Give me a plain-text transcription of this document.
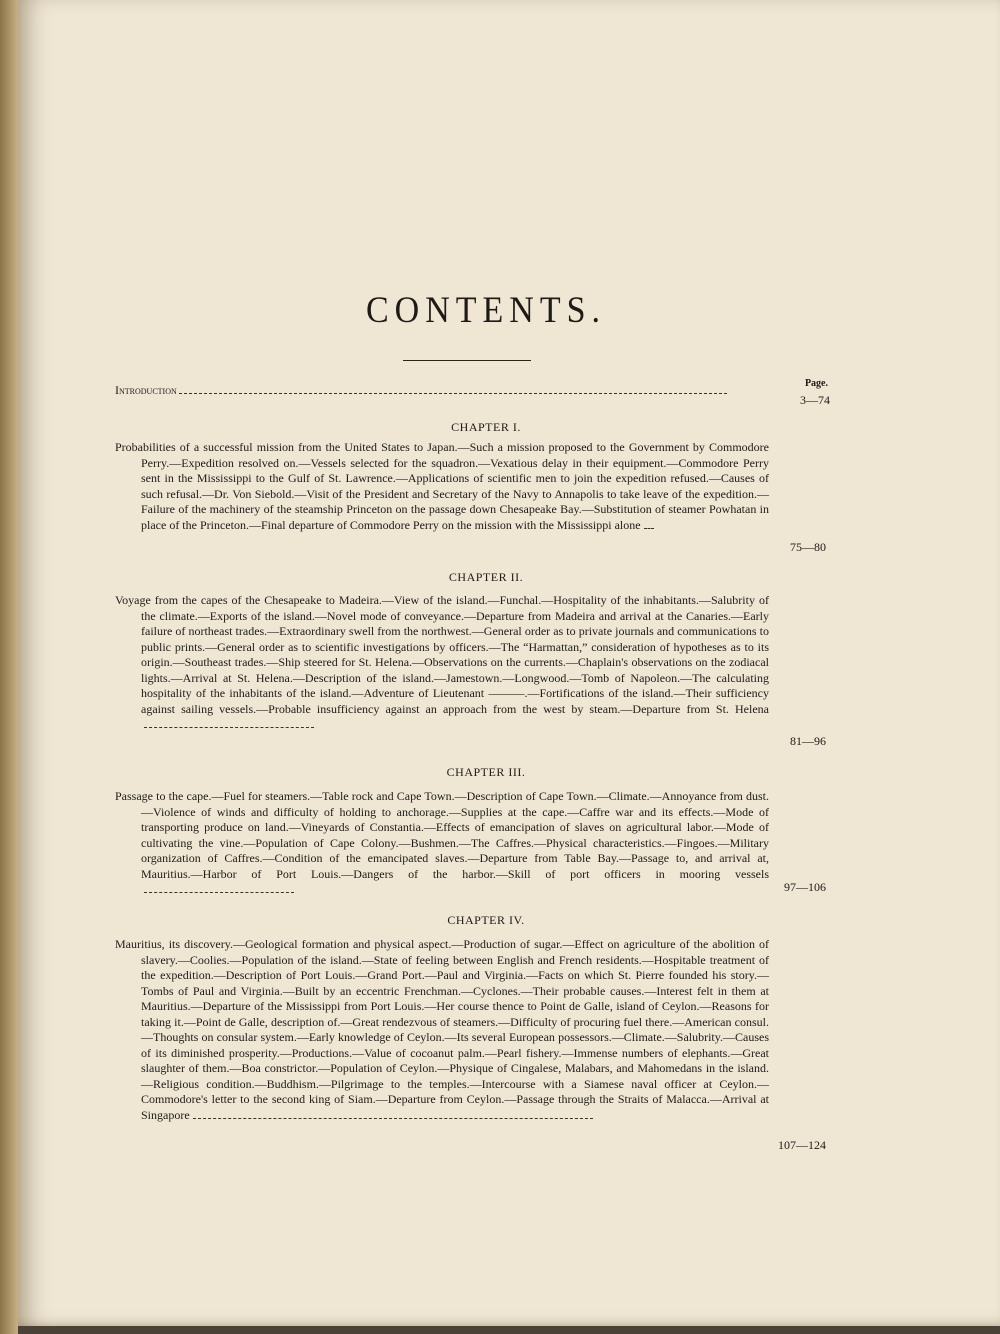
CONTENTS.
Page.
Introduction
3—74
CHAPTER I.
Probabilities of a successful mission from the United States to Japan.—Such a mission proposed to the Government by Commodore Perry.—Expedition resolved on.—Vessels selected for the squadron.—Vexatious delay in their equipment.—Commodore Perry sent in the Mississippi to the Gulf of St. Lawrence.—Applications of scientific men to join the expedition refused.—Causes of such refusal.—Dr. Von Siebold.—Visit of the President and Secretary of the Navy to Annapolis to take leave of the expedition.—Failure of the machinery of the steamship Princeton on the passage down Chesapeake Bay.—Substitution of steamer Powhatan in place of the Princeton.—Final departure of Commodore Perry on the mission with the Mississippi alone
75—80
CHAPTER II.
Voyage from the capes of the Chesapeake to Madeira.—View of the island.—Funchal.—Hospitality of the inhabitants.—Salubrity of the climate.—Exports of the island.—Novel mode of conveyance.—Departure from Madeira and arrival at the Canaries.—Early failure of northeast trades.—Extraordinary swell from the northwest.—General order as to private journals and communications to public prints.—General order as to scientific investigations by officers.—The “Harmattan,” consideration of hypotheses as to its origin.—Southeast trades.—Ship steered for St. Helena.—Observations on the currents.—Chaplain's observations on the zodiacal lights.—Arrival at St. Helena.—Description of the island.—Jamestown.—Longwood.—Tomb of Napoleon.—The calculating hospitality of the inhabitants of the island.—Adventure of Lieutenant ———.—Fortifications of the island.—Their sufficiency against sailing vessels.—Probable insufficiency against an approach from the west by steam.—Departure from St. Helena
81—96
CHAPTER III.
Passage to the cape.—Fuel for steamers.—Table rock and Cape Town.—Description of Cape Town.—Climate.—Annoyance from dust.—Violence of winds and difficulty of holding to anchorage.—Supplies at the cape.—Caffre war and its effects.—Mode of transporting produce on land.—Vineyards of Constantia.—Effects of emancipation of slaves on agricultural labor.—Mode of cultivating the vine.—Population of Cape Colony.—Bushmen.—The Caffres.—Physical characteristics.—Fingoes.—Military organization of Caffres.—Condition of the emancipated slaves.—Departure from Table Bay.—Passage to, and arrival at, Mauritius.—Harbor of Port Louis.—Dangers of the harbor.—Skill of port officers in mooring vessels
97—106
CHAPTER IV.
Mauritius, its discovery.—Geological formation and physical aspect.—Production of sugar.—Effect on agriculture of the abolition of slavery.—Coolies.—Population of the island.—State of feeling between English and French residents.—Hospitable treatment of the expedition.—Description of Port Louis.—Grand Port.—Paul and Virginia.—Facts on which St. Pierre founded his story.—Tombs of Paul and Virginia.—Built by an eccentric Frenchman.—Cyclones.—Their probable causes.—Interest felt in them at Mauritius.—Departure of the Mississippi from Port Louis.—Her course thence to Point de Galle, island of Ceylon.—Reasons for taking it.—Point de Galle, description of.—Great rendezvous of steamers.—Difficulty of procuring fuel there.—American consul.—Thoughts on consular system.—Early knowledge of Ceylon.—Its several European possessors.—Climate.—Salubrity.—Causes of its diminished prosperity.—Productions.—Value of cocoanut palm.—Pearl fishery.—Immense numbers of elephants.—Great slaughter of them.—Boa constrictor.—Population of Ceylon.—Physique of Cingalese, Malabars, and Mahomedans in the island.—Religious condition.—Buddhism.—Pilgrimage to the temples.—Intercourse with a Siamese naval officer at Ceylon.—Commodore's letter to the second king of Siam.—Departure from Ceylon.—Passage through the Straits of Malacca.—Arrival at Singapore
107—124
